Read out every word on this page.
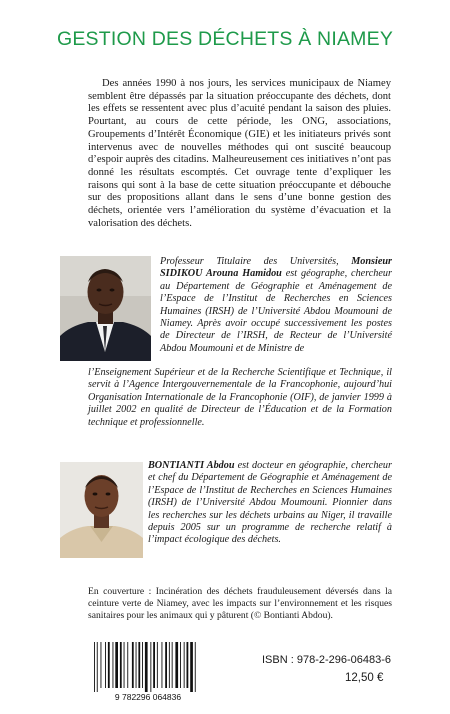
GESTION DES DÉCHETS À NIAMEY

Des années 1990 à nos jours, les services municipaux de Niamey semblent être dépassés par la situation préoccupante des déchets, dont les effets se ressentent avec plus d’acuité pendant la saison des pluies. Pourtant, au cours de cette période, les ONG, associations, Groupements d’Intérêt Économique (GIE) et les initiateurs privés sont intervenus avec de nouvelles méthodes qui ont suscité beaucoup d’espoir auprès des citadins. Malheureusement ces initiatives n’ont pas donné les résultats escomptés. Cet ouvrage tente d’expliquer les raisons qui sont à la base de cette situation préoccupante et débouche sur des propositions allant dans le sens d’une bonne gestion des déchets, orientée vers l’amélioration du système d’évacuation et la valorisation des déchets.

Professeur Titulaire des Universités, Monsieur SIDIKOU Arouna Hamidou est géographe, chercheur au Département de Géographie et Aménagement de l’Espace de l’Institut de Recherches en Sciences Humaines (IRSH) de l’Université Abdou Moumouni de Niamey. Après avoir occupé successivement les postes de Directeur de l’IRSH, de Recteur de l’Université Abdou Moumouni et de Ministre de

l’Enseignement Supérieur et de la Recherche Scientifique et Technique, il servit à l’Agence Intergouvernementale de la Francophonie, aujourd’hui Organisation Internationale de la Francophonie (OIF), de janvier 1999 à juillet 2002 en qualité de Directeur de l’Éducation et de la Formation technique et professionnelle.

BONTIANTI Abdou est docteur en géographie, chercheur et chef du Département de Géographie et Aménagement de l’Espace de l’Institut de Recherches en Sciences Humaines (IRSH) de l’Université Abdou Moumouni. Pionnier dans les recherches sur les déchets urbains au Niger, il travaille depuis 2005 sur un programme de recherche relatif à l’impact écologique des déchets.

En couverture : Incinération des déchets frauduleusement déversés dans la ceinture verte de Niamey, avec les impacts sur l’environnement et les risques sanitaires pour les animaux qui y pâturent (© Bontianti Abdou).

9 782296 064836
ISBN : 978-2-296-06483-6
12,50 €
